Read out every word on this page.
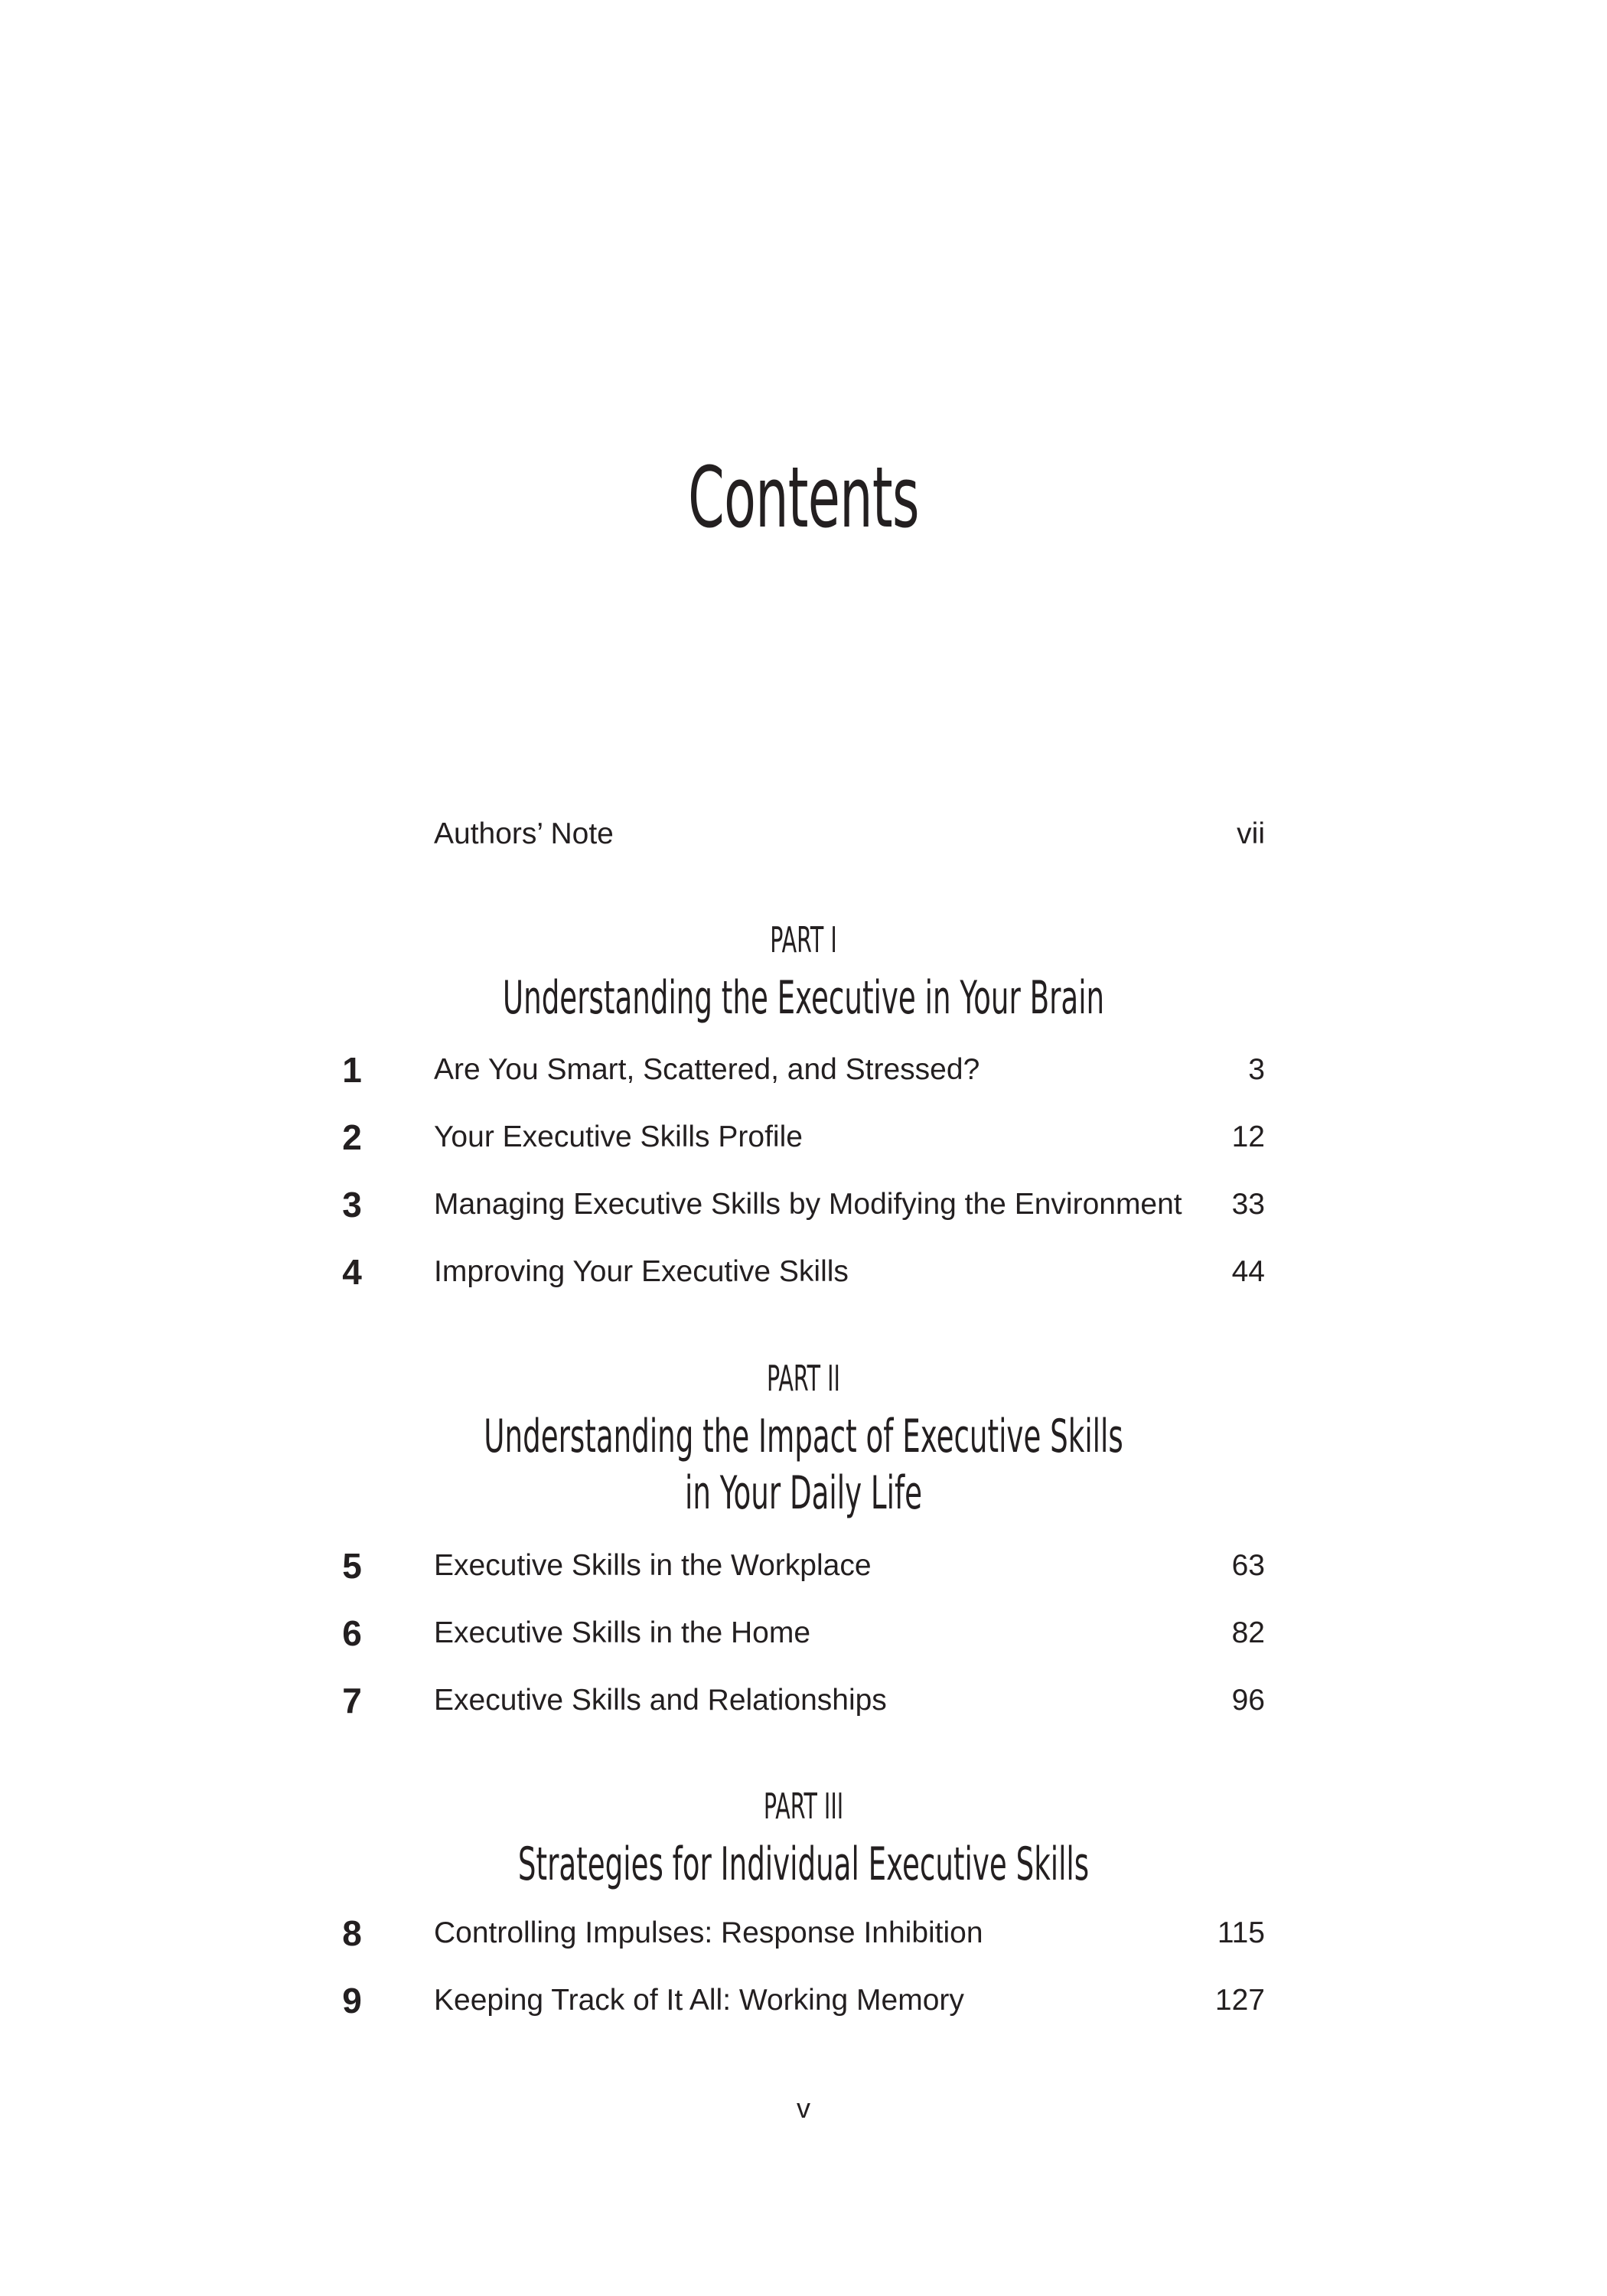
Contents
Authors’ Note	vii
PART I
Understanding the Executive in Your Brain
1	Are You Smart, Scattered, and Stressed?	3
2	Your Executive Skills Profile	12
3	Managing Executive Skills by Modifying the Environment 33
4	Improving Your Executive Skills	44
PART II
Understanding the Impact of Executive Skills
in Your Daily Life
5	Executive Skills in the Workplace	63
6	Executive Skills in the Home	82
7	Executive Skills and Relationships	96
PART III
Strategies for Individual Executive Skills
8	Controlling Impulses: Response Inhibition	115
9	Keeping Track of It All: Working Memory	127
v
